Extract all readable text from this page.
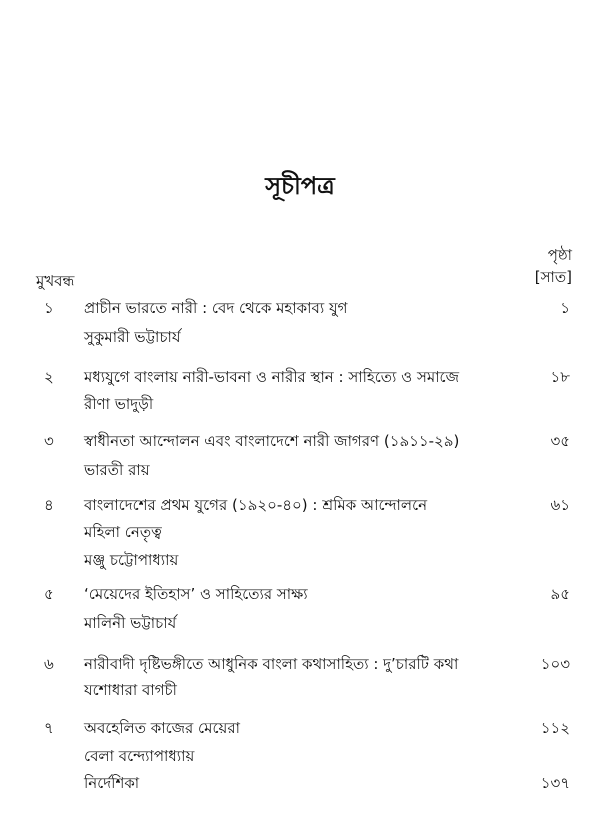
সূচীপত্র
পৃষ্ঠা
[সাত]
মুখবন্ধ
১ প্রাচীন ভারতে নারী : বেদ থেকে মহাকাব্য যুগ	১
সুকুমারী ভট্টাচার্য
২ মধ্যযুগে বাংলায় নারী-ভাবনা ও নারীর স্থান : সাহিত্যে ও সমাজে	১৮
রীণা ভাদুড়ী
৩ স্বাধীনতা আন্দোলন এবং বাংলাদেশে নারী জাগরণ (১৯১১-২৯)	৩৫
ভারতী রায়
৪ বাংলাদেশের প্রথম যুগের (১৯২০-৪০) : শ্রমিক আন্দোলনে	৬১
মহিলা নেতৃত্ব
মঞ্জু চট্টোপাধ্যায়
৫ ‘মেয়েদের ইতিহাস’ ও সাহিত্যের সাক্ষ্য	৯৫
মালিনী ভট্টাচার্য
৬ নারীবাদী দৃষ্টিভঙ্গীতে আধুনিক বাংলা কথাসাহিত্য : দু’চারটি কথা	১০৩
যশোধারা বাগচী
৭ অবহেলিত কাজের মেয়েরা	১১২
বেলা বন্দ্যোপাধ্যায়
নির্দেশিকা	১৩৭
